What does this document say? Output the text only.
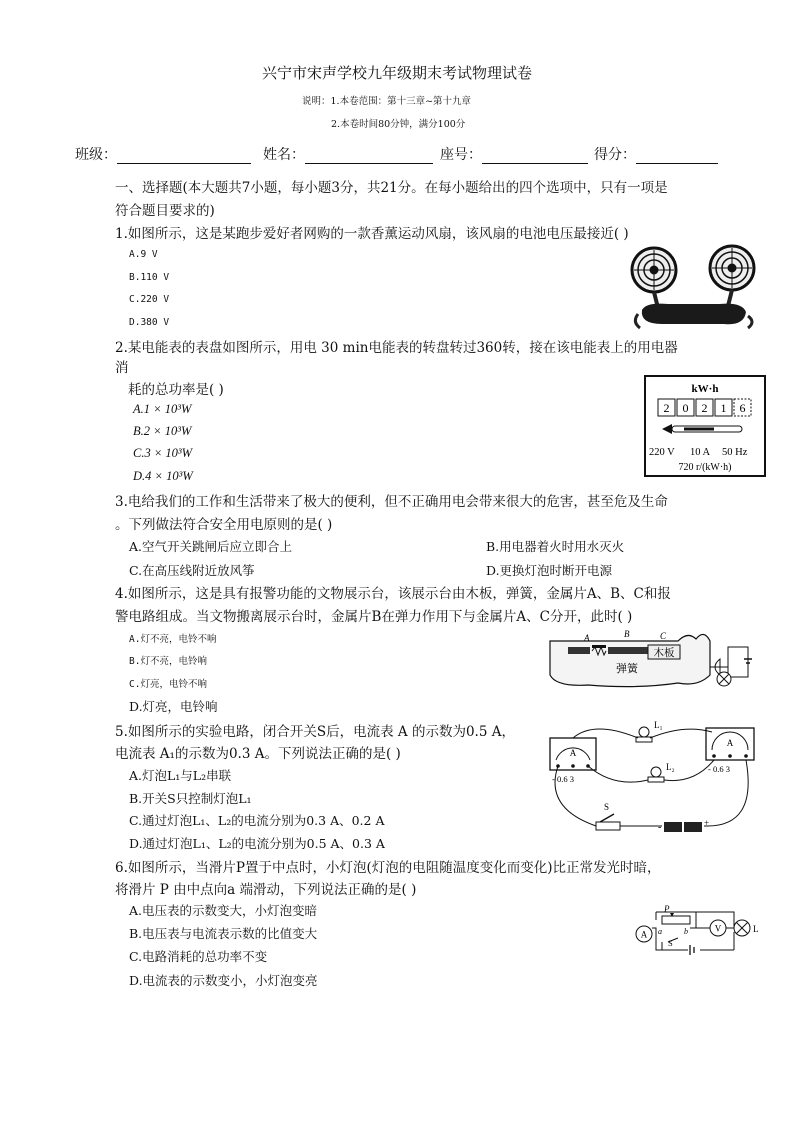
兴宁市宋声学校九年级期末考试物理试卷
说明：1.本卷范围：第十三章~第十九章
2.本卷时间80分钟，满分100分
班级：	姓名：	座号：	得分：
一、选择题(本大题共7小题，每小题3分，共21分。在每小题给出的四个选项中，只有一项是
符合题目要求的)
1.如图所示，这是某跑步爱好者网购的一款香薰运动风扇，该风扇的电池电压最接近( )
A.9 V
B.110 V
C.220 V
D.380 V
2.某电能表的表盘如图所示，用电 30 min电能表的转盘转过360转，接在该电能表上的用电器
消
耗的总功率是( )
A.1 × 10³W
B.2 × 10³W
C.3 × 10³W
D.4 × 10³W
kW·h
2 0 2 1 6
220 V 10 A 50 Hz
720 r/(kW·h)
3.电给我们的工作和生活带来了极大的便利，但不正确用电会带来很大的危害，甚至危及生命
。下列做法符合安全用电原则的是( )
A.空气开关跳闸后应立即合上	B.用电器着火时用水灭火
C.在高压线附近放风筝	D.更换灯泡时断开电源
4.如图所示，这是具有报警功能的文物展示台，该展示台由木板，弹簧，金属片A、B、C和报
警电路组成。当文物搬离展示台时，金属片B在弹力作用下与金属片A、C分开，此时( )
A.灯不亮，电铃不响
B.灯不亮，电铃响
C.灯亮，电铃不响
D.灯亮，电铃响
木板
A	B	C
弹簧
5.如图所示的实验电路，闭合开关S后，电流表 A 的示数为0.5 A，
电流表 A₁的示数为0.3 A。下列说法正确的是( )
A.灯泡L₁与L₂串联
B.开关S只控制灯泡L₁
C.通过灯泡L₁、L₂的电流分别为0.3 A、0.2 A
D.通过灯泡L₁、L₂的电流分别为0.5 A、0.3 A
A
- 0.6 3
A
- 0.6 3
L₁
L₂
S
-	+
6.如图所示，当滑片P置于中点时，小灯泡(灯泡的电阻随温度变化而变化)比正常发光时暗，
将滑片 P 由中点向a 端滑动，下列说法正确的是( )
A.电压表的示数变大，小灯泡变暗
B.电压表与电流表示数的比值变大
C.电路消耗的总功率不变
D.电流表的示数变小，小灯泡变亮
P
a	b
A
S
V	L
